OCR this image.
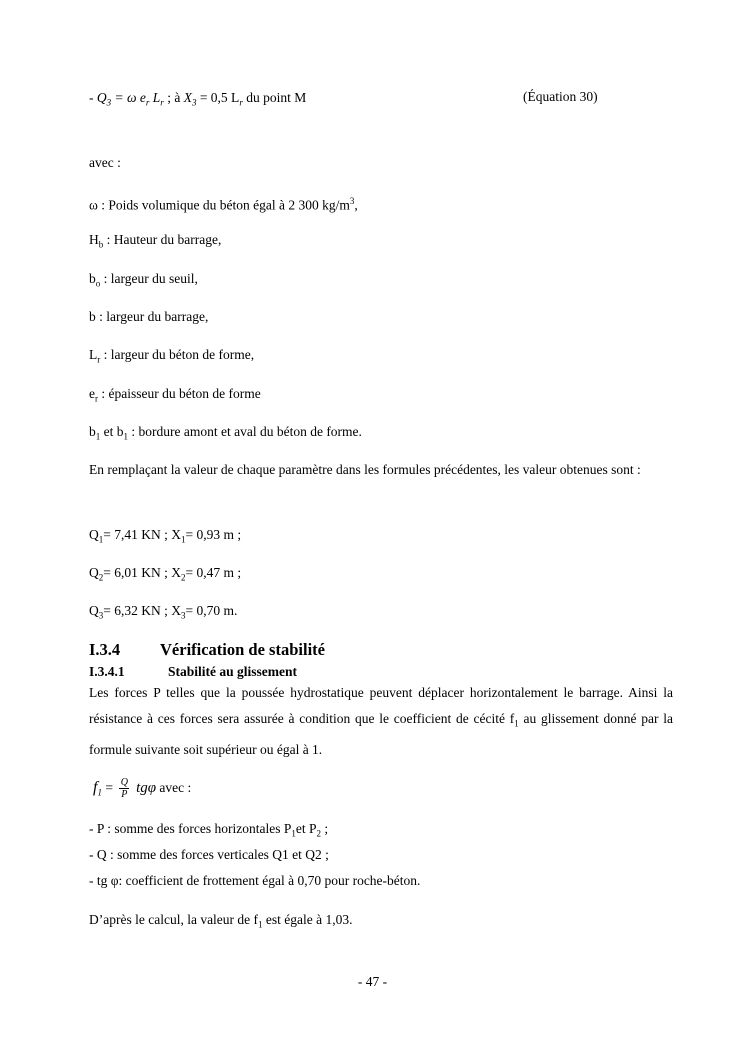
- $Q_3 = \omega$ $e_r$ $L_r$ ; à $X_3 = 0,5$ $L_r$ du point M	(Équation 30)
avec :
ω : Poids volumique du béton égal à 2 300 $kg/m^3$,
$H_b$ : Hauteur du barrage,
$b_o$ : largeur du seuil,
b : largeur du barrage,
$L_r$ : largeur du béton de forme,
$e_r$ : épaisseur du béton de forme
$b_1$ et $b_1$ : bordure amont et aval du béton de forme.
En remplaçant la valeur de chaque paramètre dans les formules précédentes, les valeur obtenues sont :
$Q_1= 7,41$ KN ; $X_1= 0,93$ m ;
$Q_2= 6,01$ KN ; $X_2= 0,47$ m ;
$Q_3= 6,32$ KN ; $X_3= 0,70$ m.
I.3.4 Vérification de stabilité
I.3.4.1	Stabilité au glissement
Les forces P telles que la poussée hydrostatique peuvent déplacer horizontalement le barrage. Ainsi la résistance à ces forces sera assurée à condition que le coefficient de cécité $f_1$ au glissement donné par la formule suivante soit supérieur ou égal à 1.
$f_1 = \frac{Q}{P}$ tgφ avec :
- P : somme des forces horizontales $P_1et$ $P_2$ ;
- Q : somme des forces verticales Q1 et Q2 ;
- tg φ: coefficient de frottement égal à 0,70 pour roche-béton.
D’après le calcul, la valeur de $f_1$ est égale à 1,03.
- 47 -
